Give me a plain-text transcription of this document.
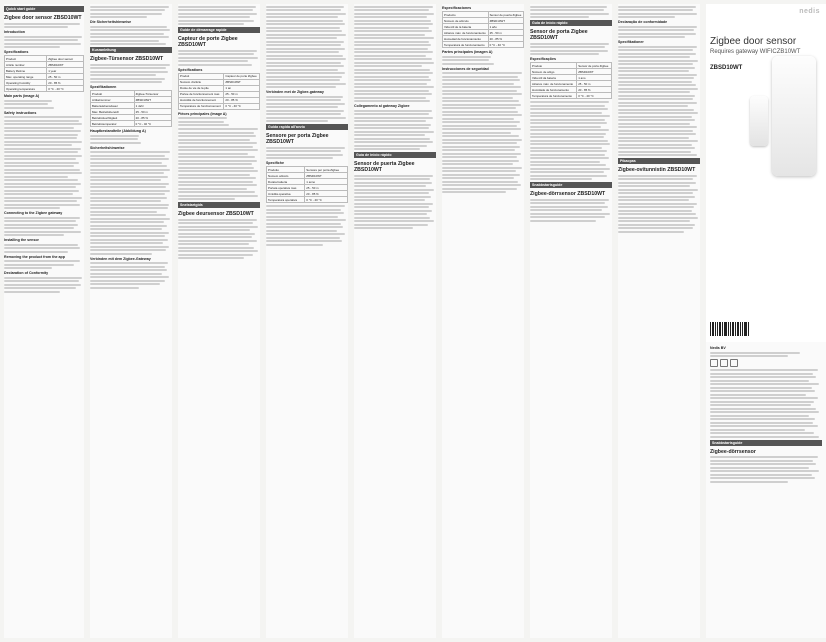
Quick start guide
Zigbee door sensor ZBSD10WT
Introduction
Specifications
Product	Zigbee door sensor
Article number	ZBSD10WT
Battery lifetime	1 year
Max. operating range	25 - 50 m
Operating humidity	20 - 85 %
Operating temperature	0 °C - 40 °C
Main parts (image A)
Safety instructions
Connecting to the Zigbee gateway
Installing the sensor
Removing the product from the app
Declaration of Conformity
Die Sicherheitshinweise
Kurzanleitung
Zigbee-Türsensor ZBSD10WT
Spezifikationen
Produkt	Zigbee-Türsensor
Artikelnummer	ZBSD10WT
Batterielebensdauer	1 Jahr
Max. Betriebsbereich	25 - 50 m
Betriebsfeuchtigkeit	20 - 85 %
Betriebstemperatur	0 °C - 40 °C
Hauptbestandteile (Abbildung A)
Sicherheitshinweise
Verbinden mit dem Zigbee-Gateway
Guide de démarrage rapide
Capteur de porte Zigbee ZBSD10WT
Spécifications
Produit	Capteur de porte Zigbee
Numéro d'article	ZBSD10WT
Durée de vie de la pile	1 an
Portée de fonctionnement max.	25 - 50 m
Humidité de fonctionnement	20 - 85 %
Température de fonctionnement	0 °C - 40 °C
Pièces principales (image A)
Snelstartgids
Zigbee deursensor ZBSD10WT
Verbinden met de Zigbee-gateway
Guida rapida all'avvio
Sensore per porta Zigbee ZBSD10WT
Specifiche
Prodotto	Sensore per porta Zigbee
Numero articolo	ZBSD10WT
Durata batteria	1 anno
Portata operativa max.	25 - 50 m
Umidità operativa	20 - 85 %
Temperatura operativa	0 °C - 40 °C
Collegamento al gateway Zigbee
Guía de inicio rápido
Sensor de puerta Zigbee ZBSD10WT
Especificaciones
Producto	Sensor de puerta Zigbee
Número de artículo	ZBSD10WT
Vida útil de la batería	1 año
Alcance máx. de funcionamiento	25 - 50 m
Humedad de funcionamiento	20 - 85 %
Temperatura de funcionamiento	0 °C - 40 °C
Partes principales (imagen A)
Instrucciones de seguridad
Guia de início rápido
Sensor de porta Zigbee ZBSD10WT
Especificações
Produto	Sensor de porta Zigbee
Número de artigo	ZBSD10WT
Vida útil da bateria	1 ano
Alcance máx. de funcionamento	25 - 50 m
Humidade de funcionamento	20 - 85 %
Temperatura de funcionamento	0 °C - 40 °C
Snabbstartsguide
Zigbee-dörrsensor ZBSD10WT
Declaração de conformidade
Specifikationer
Pikaopas
Zigbee-ovitunnistin ZBSD10WT
nedis
Zigbee door sensor
Requires gateway WIFICZB10WT
ZBSD10WT
Nedis BV
Snabbstartsguide
Zigbee-dörrsensor
